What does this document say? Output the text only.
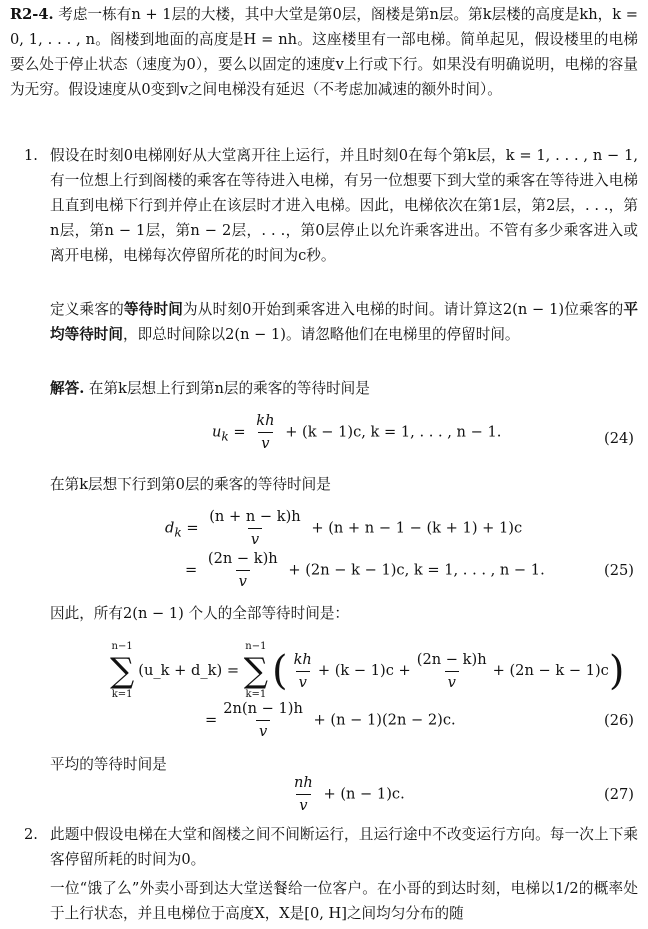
R2-4. 考虑一栋有n + 1层的大楼，其中大堂是第0层，阁楼是第n层。第k层楼的高度是kh，k = 0, 1, . . . , n。阁楼到地面的高度是H = nh。这座楼里有一部电梯。简单起见，假设楼里的电梯要么处于停止状态（速度为0），要么以固定的速度v上行或下行。如果没有明确说明，电梯的容量为无穷。假设速度从0变到v之间电梯没有延迟（不考虑加减速的额外时间）。
1. 假设在时刻0电梯刚好从大堂离开往上运行，并且时刻0在每个第k层，k = 1, . . . , n − 1, 有一位想上行到阁楼的乘客在等待进入电梯，有另一位想要下到大堂的乘客在等待进入电梯且直到电梯下行到并停止在该层时才进入电梯。因此，电梯依次在第1层，第2层，. . .，第n层，第n − 1层，第n − 2层，. . .，第0层停止以允许乘客进出。不管有多少乘客进入或离开电梯，电梯每次停留所花的时间为c秒。
定义乘客的等待时间为从时刻0开始到乘客进入电梯的时间。请计算这2(n − 1)位乘客的平均等待时间，即总时间除以2(n − 1)。请忽略他们在电梯里的停留时间。
解答. 在第k层想上行到第n层的乘客的等待时间是
$u_k = \frac{kh}{v} + (k - 1)c$, k = 1, . . . , n − 1.	(24)
在第k层想下行到第0层的乘客的等待时间是
$d_k = \frac{(n + n - k)h}{v} + (n + n - 1 - (k + 1) + 1)c$
= $\frac{(2n - k)h}{v} + (2n - k - 1)c$, k = 1, . . . , n − 1.	(25)
因此，所有2(n − 1) 个人的全部等待时间是：
n−1
∑
k=1
(u_k + d_k) =
n−1
∑
k=1
( $\frac{kh}{v} + (k - 1)c + \frac{(2n - k)h}{v} + (2n - k - 1)c$)
= $\frac{2n(n - 1)h}{v} + (n - 1)(2n - 2)c$.	(26)
平均的等待时间是
$\frac{nh}{v} + (n - 1)c$.	(27)
2. 此题中假设电梯在大堂和阁楼之间不间断运行，且运行途中不改变运行方向。每一次上下乘客停留所耗的时间为0。
一位“饿了么”外卖小哥到达大堂送餐给一位客户。在小哥的到达时刻，电梯以1/2的概率处于上行状态，并且电梯位于高度X，X是[0, H]之间均匀分布的随
